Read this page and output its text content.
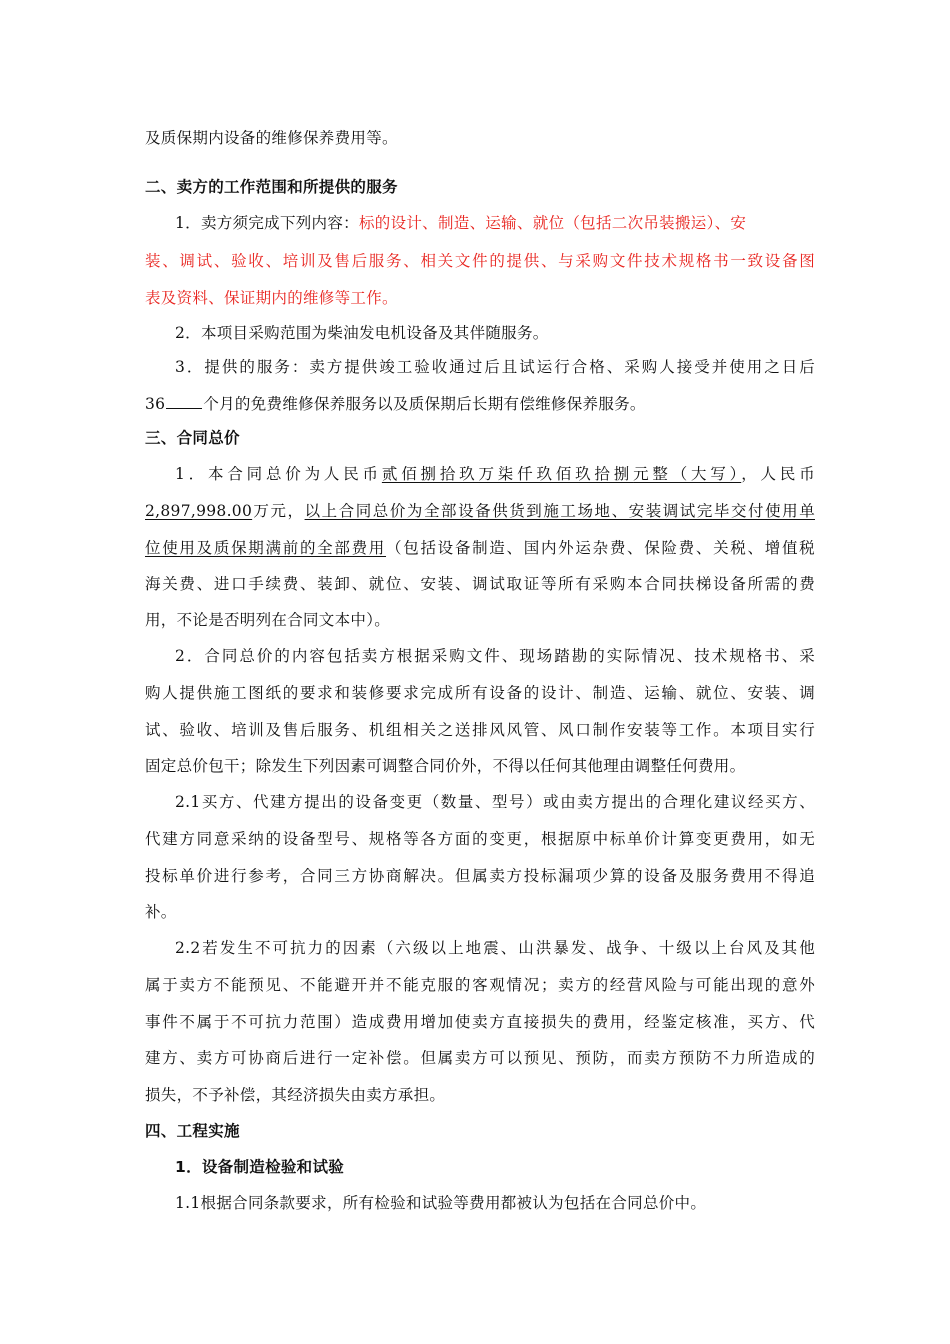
及质保期内设备的维修保养费用等。
二、卖方的工作范围和所提供的服务
1．卖方须完成下列内容：标的设计、制造、运输、就位（包括二次吊装搬运）、安
装、调试、验收、培训及售后服务、相关文件的提供、与采购文件技术规格书一致设备图
表及资料、保证期内的维修等工作。
2．本项目采购范围为柴油发电机设备及其伴随服务。
3．提供的服务：卖方提供竣工验收通过后且试运行合格、采购人接受并使用之日后
36 个月的免费维修保养服务以及质保期后长期有偿维修保养服务。
三、合同总价
1．本合同总价为人民币贰佰捌拾玖万柒仟玖佰玖拾捌元整（大写），人民币
2,897,998.00万元，以上合同总价为全部设备供货到施工场地、安装调试完毕交付使用单
位使用及质保期满前的全部费用（包括设备制造、国内外运杂费、保险费、关税、增值税
海关费、进口手续费、装卸、就位、安装、调试取证等所有采购本合同扶梯设备所需的费
用，不论是否明列在合同文本中）。
2．合同总价的内容包括卖方根据采购文件、现场踏勘的实际情况、技术规格书、采
购人提供施工图纸的要求和装修要求完成所有设备的设计、制造、运输、就位、安装、调
试、验收、培训及售后服务、机组相关之送排风风管、风口制作安装等工作。本项目实行
固定总价包干；除发生下列因素可调整合同价外，不得以任何其他理由调整任何费用。
2.1买方、代建方提出的设备变更（数量、型号）或由卖方提出的合理化建议经买方、
代建方同意采纳的设备型号、规格等各方面的变更，根据原中标单价计算变更费用，如无
投标单价进行参考，合同三方协商解决。但属卖方投标漏项少算的设备及服务费用不得追
补。
2.2若发生不可抗力的因素（六级以上地震、山洪暴发、战争、十级以上台风及其他
属于卖方不能预见、不能避开并不能克服的客观情况；卖方的经营风险与可能出现的意外
事件不属于不可抗力范围）造成费用增加使卖方直接损失的费用，经鉴定核准，买方、代
建方、卖方可协商后进行一定补偿。但属卖方可以预见、预防，而卖方预防不力所造成的
损失，不予补偿，其经济损失由卖方承担。
四、工程实施
1．设备制造检验和试验
1.1根据合同条款要求，所有检验和试验等费用都被认为包括在合同总价中。
